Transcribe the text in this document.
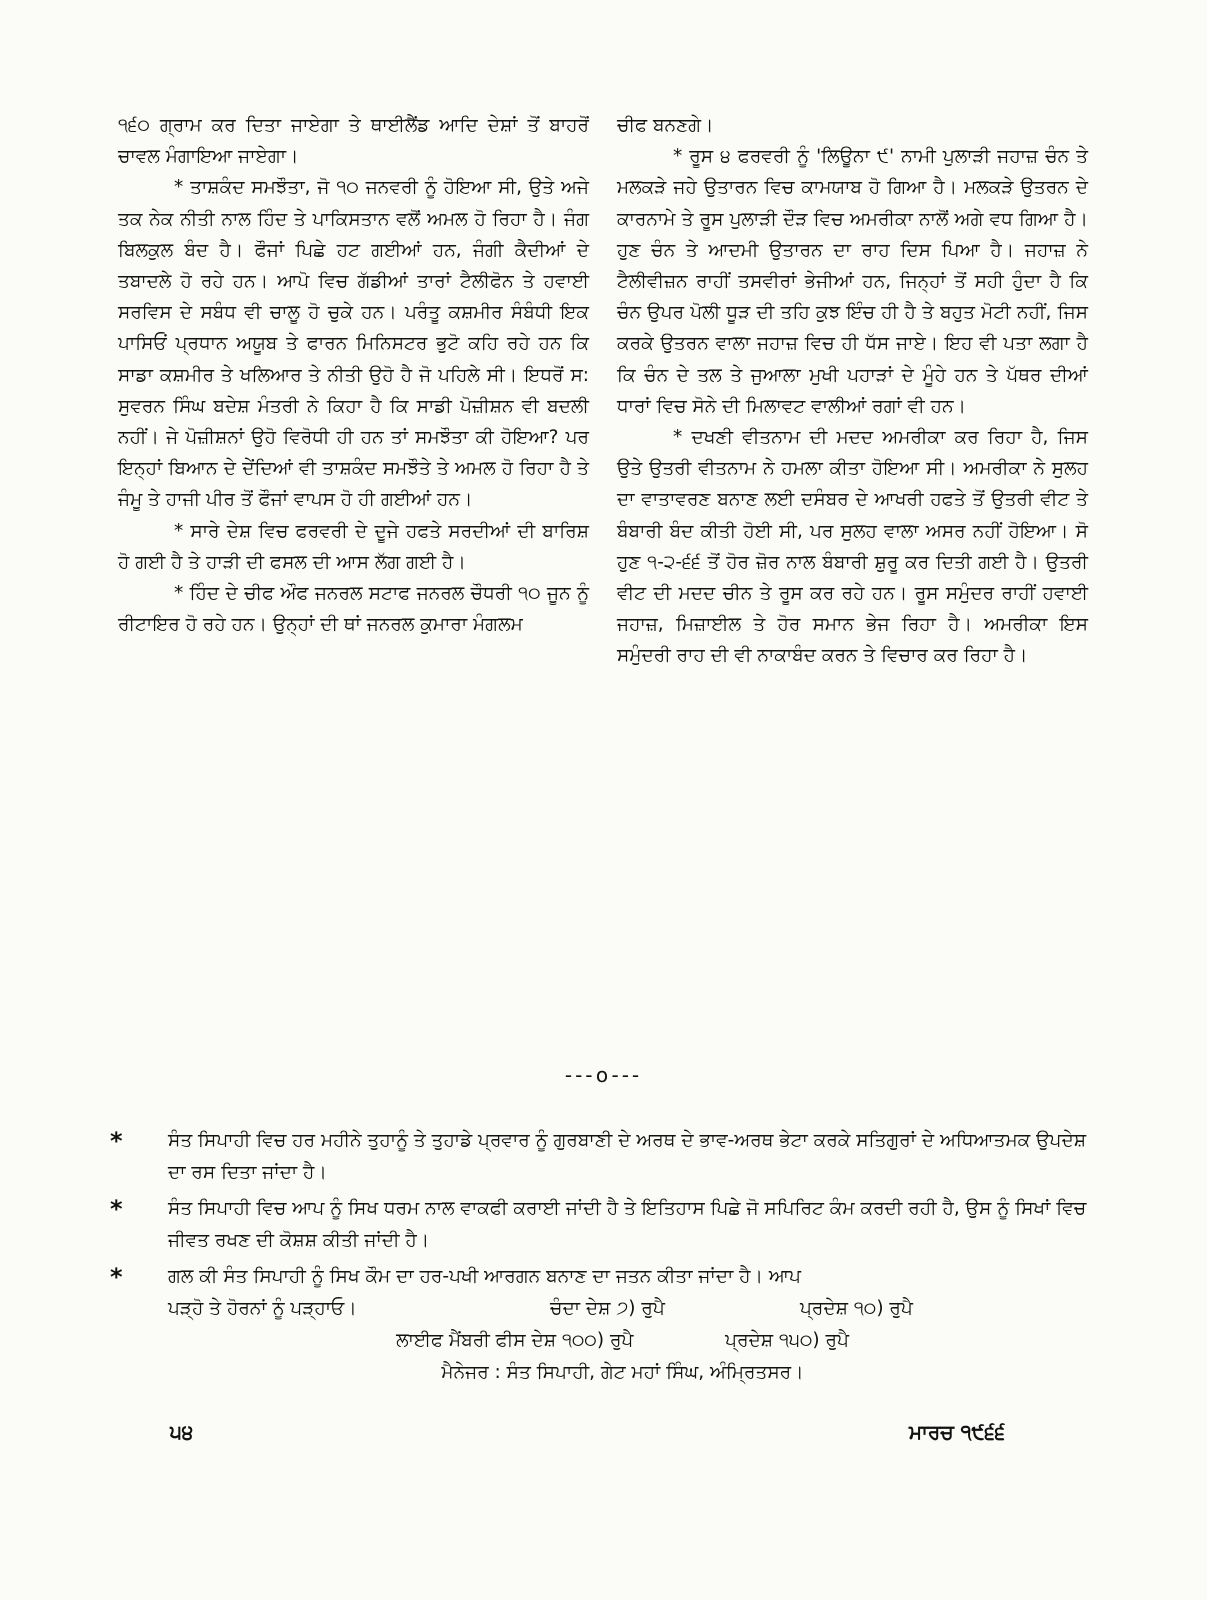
੧੬੦ ਗ੍ਰਾਮ ਕਰ ਦਿਤਾ ਜਾਏਗਾ ਤੇ ਥਾਈਲੈਂਡ ਆਦਿ ਦੇਸ਼ਾਂ ਤੋਂ ਬਾਹਰੋਂ ਚਾਵਲ ਮੰਗਾਇਆ ਜਾਏਗਾ।

* ਤਾਸ਼ਕੰਦ ਸਮਝੌਤਾ, ਜੋ ੧੦ ਜਨਵਰੀ ਨੂੰ ਹੋਇਆ ਸੀ, ਉਤੇ ਅਜੇ ਤਕ ਨੇਕ ਨੀਤੀ ਨਾਲ ਹਿੰਦ ਤੇ ਪਾਕਿਸਤਾਨ ਵਲੋਂ ਅਮਲ ਹੋ ਰਿਹਾ ਹੈ। ਜੰਗ ਬਿਲਕੁਲ ਬੰਦ ਹੈ। ਫੌਜਾਂ ਪਿਛੇ ਹਟ ਗਈਆਂ ਹਨ, ਜੰਗੀ ਕੈਦੀਆਂ ਦੇ ਤਬਾਦਲੇ ਹੋ ਰਹੇ ਹਨ। ਆਪੋ ਵਿਚ ਗੱਡੀਆਂ ਤਾਰਾਂ ਟੈਲੀਫੋਨ ਤੇ ਹਵਾਈ ਸਰਵਿਸ ਦੇ ਸਬੰਧ ਵੀ ਚਾਲੂ ਹੋ ਚੁਕੇ ਹਨ। ਪਰੰਤੂ ਕਸ਼ਮੀਰ ਸੰਬੰਧੀ ਇਕ ਪਾਸਿਓਂ ਪ੍ਰਧਾਨ ਅਯੂਬ ਤੇ ਫਾਰਨ ਮਿਨਿਸਟਰ ਭੁਟੋ ਕਹਿ ਰਹੇ ਹਨ ਕਿ ਸਾਡਾ ਕਸ਼ਮੀਰ ਤੇ ਖਲਿਆਰ ਤੇ ਨੀਤੀ ਉਹੋ ਹੈ ਜੋ ਪਹਿਲੇ ਸੀ। ਇਧਰੋਂ ਸ: ਸੁਵਰਨ ਸਿੰਘ ਬਦੇਸ਼ ਮੰਤਰੀ ਨੇ ਕਿਹਾ ਹੈ ਕਿ ਸਾਡੀ ਪੋਜ਼ੀਸ਼ਨ ਵੀ ਬਦਲੀ ਨਹੀਂ। ਜੇ ਪੋਜ਼ੀਸ਼ਨਾਂ ਉਹੋ ਵਿਰੋਧੀ ਹੀ ਹਨ ਤਾਂ ਸਮਝੌਤਾ ਕੀ ਹੋਇਆ? ਪਰ ਇਨ੍ਹਾਂ ਬਿਆਨ ਦੇ ਦੇਂਦਿਆਂ ਵੀ ਤਾਸ਼ਕੰਦ ਸਮਝੌਤੇ ਤੇ ਅਮਲ ਹੋ ਰਿਹਾ ਹੈ ਤੇ ਜੰਮੂ ਤੇ ਹਾਜੀ ਪੀਰ ਤੋਂ ਫੌਜਾਂ ਵਾਪਸ ਹੋ ਹੀ ਗਈਆਂ ਹਨ।

* ਸਾਰੇ ਦੇਸ਼ ਵਿਚ ਫਰਵਰੀ ਦੇ ਦੂਜੇ ਹਫਤੇ ਸਰਦੀਆਂ ਦੀ ਬਾਰਿਸ਼ ਹੋ ਗਈ ਹੈ ਤੇ ਹਾੜੀ ਦੀ ਫਸਲ ਦੀ ਆਸ ਲੱਗ ਗਈ ਹੈ।

* ਹਿੰਦ ਦੇ ਚੀਫ ਔਫ ਜਨਰਲ ਸਟਾਫ ਜਨਰਲ ਚੌਧਰੀ ੧੦ ਜੂਨ ਨੂੰ ਰੀਟਾਇਰ ਹੋ ਰਹੇ ਹਨ। ਉਨ੍ਹਾਂ ਦੀ ਥਾਂ ਜਨਰਲ ਕੁਮਾਰਾ ਮੰਗਲਮ

ਚੀਫ ਬਨਣਗੇ।

* ਰੂਸ ੪ ਫਰਵਰੀ ਨੂੰ 'ਲਿਊਨਾ ੯' ਨਾਮੀ ਪੁਲਾੜੀ ਜਹਾਜ਼ ਚੰਨ ਤੇ ਮਲਕੜੇ ਜਹੇ ਉਤਾਰਨ ਵਿਚ ਕਾਮਯਾਬ ਹੋ ਗਿਆ ਹੈ। ਮਲਕੜੇ ਉਤਰਨ ਦੇ ਕਾਰਨਾਮੇ ਤੇ ਰੂਸ ਪੁਲਾੜੀ ਦੌੜ ਵਿਚ ਅਮਰੀਕਾ ਨਾਲੋਂ ਅਗੇ ਵਧ ਗਿਆ ਹੈ। ਹੁਣ ਚੰਨ ਤੇ ਆਦਮੀ ਉਤਾਰਨ ਦਾ ਰਾਹ ਦਿਸ ਪਿਆ ਹੈ। ਜਹਾਜ਼ ਨੇ ਟੈਲੀਵੀਜ਼ਨ ਰਾਹੀਂ ਤਸਵੀਰਾਂ ਭੇਜੀਆਂ ਹਨ, ਜਿਨ੍ਹਾਂ ਤੋਂ ਸਹੀ ਹੁੰਦਾ ਹੈ ਕਿ ਚੰਨ ਉਪਰ ਪੋਲੀ ਧੂੜ ਦੀ ਤਹਿ ਕੁਝ ਇੰਚ ਹੀ ਹੈ ਤੇ ਬਹੁਤ ਮੋਟੀ ਨਹੀਂ, ਜਿਸ ਕਰਕੇ ਉਤਰਨ ਵਾਲਾ ਜਹਾਜ਼ ਵਿਚ ਹੀ ਧੱਸ ਜਾਏ। ਇਹ ਵੀ ਪਤਾ ਲਗਾ ਹੈ ਕਿ ਚੰਨ ਦੇ ਤਲ ਤੇ ਜੁਆਲਾ ਮੁਖੀ ਪਹਾੜਾਂ ਦੇ ਮੂੰਹੇ ਹਨ ਤੇ ਪੱਥਰ ਦੀਆਂ ਧਾਰਾਂ ਵਿਚ ਸੋਨੇ ਦੀ ਮਿਲਾਵਟ ਵਾਲੀਆਂ ਰਗਾਂ ਵੀ ਹਨ।

* ਦਖਣੀ ਵੀਤਨਾਮ ਦੀ ਮਦਦ ਅਮਰੀਕਾ ਕਰ ਰਿਹਾ ਹੈ, ਜਿਸ ਉਤੇ ਉਤਰੀ ਵੀਤਨਾਮ ਨੇ ਹਮਲਾ ਕੀਤਾ ਹੋਇਆ ਸੀ। ਅਮਰੀਕਾ ਨੇ ਸੁਲਹ ਦਾ ਵਾਤਾਵਰਣ ਬਨਾਣ ਲਈ ਦਸੰਬਰ ਦੇ ਆਖਰੀ ਹਫਤੇ ਤੋਂ ਉਤਰੀ ਵੀਟ ਤੇ ਬੰਬਾਰੀ ਬੰਦ ਕੀਤੀ ਹੋਈ ਸੀ, ਪਰ ਸੁਲਹ ਵਾਲਾ ਅਸਰ ਨਹੀਂ ਹੋਇਆ। ਸੋ ਹੁਣ ੧-੨-੬੬ ਤੋਂ ਹੋਰ ਜ਼ੋਰ ਨਾਲ ਬੰਬਾਰੀ ਸ਼ੁਰੂ ਕਰ ਦਿਤੀ ਗਈ ਹੈ। ਉਤਰੀ ਵੀਟ ਦੀ ਮਦਦ ਚੀਨ ਤੇ ਰੂਸ ਕਰ ਰਹੇ ਹਨ। ਰੂਸ ਸਮੁੰਦਰ ਰਾਹੀਂ ਹਵਾਈ ਜਹਾਜ਼, ਮਿਜ਼ਾਈਲ ਤੇ ਹੋਰ ਸਮਾਨ ਭੇਜ ਰਿਹਾ ਹੈ। ਅਮਰੀਕਾ ਇਸ ਸਮੁੰਦਰੀ ਰਾਹ ਦੀ ਵੀ ਨਾਕਾਬੰਦ ਕਰਨ ਤੇ ਵਿਚਾਰ ਕਰ ਰਿਹਾ ਹੈ।

---o---
*	ਸੰਤ ਸਿਪਾਹੀ ਵਿਚ ਹਰ ਮਹੀਨੇ ਤੁਹਾਨੂੰ ਤੇ ਤੁਹਾਡੇ ਪ੍ਰਵਾਰ ਨੂੰ ਗੁਰਬਾਣੀ ਦੇ ਅਰਥ ਦੇ ਭਾਵ-ਅਰਥ ਭੇਟਾ ਕਰਕੇ ਸਤਿਗੁਰਾਂ ਦੇ ਅਧਿਆਤਮਕ ਉਪਦੇਸ਼ ਦਾ ਰਸ ਦਿਤਾ ਜਾਂਦਾ ਹੈ।
*	ਸੰਤ ਸਿਪਾਹੀ ਵਿਚ ਆਪ ਨੂੰ ਸਿਖ ਧਰਮ ਨਾਲ ਵਾਕਫੀ ਕਰਾਈ ਜਾਂਦੀ ਹੈ ਤੇ ਇਤਿਹਾਸ ਪਿਛੇ ਜੋ ਸਪਿਰਿਟ ਕੰਮ ਕਰਦੀ ਰਹੀ ਹੈ, ਉਸ ਨੂੰ ਸਿਖਾਂ ਵਿਚ ਜੀਵਤ ਰਖਣ ਦੀ ਕੋਸ਼ਸ਼ ਕੀਤੀ ਜਾਂਦੀ ਹੈ।
*	ਗਲ ਕੀ ਸੰਤ ਸਿਪਾਹੀ ਨੂੰ ਸਿਖ ਕੌਮ ਦਾ ਹਰ-ਪਖੀ ਆਰਗਨ ਬਨਾਣ ਦਾ ਜਤਨ ਕੀਤਾ ਜਾਂਦਾ ਹੈ। ਆਪ
ਪੜ੍ਹੋ ਤੇ ਹੋਰਨਾਂ ਨੂੰ ਪੜ੍ਹਾਓ।	ਚੰਦਾ ਦੇਸ਼ ੭) ਰੁਪੈ	ਪ੍ਰਦੇਸ਼ ੧੦) ਰੁਪੈ
ਲਾਈਫ ਮੈਂਬਰੀ ਫੀਸ ਦੇਸ਼ ੧੦੦) ਰੁਪੈ	ਪ੍ਰਦੇਸ਼ ੧੫੦) ਰੁਪੈ
ਮੈਨੇਜਰ : ਸੰਤ ਸਿਪਾਹੀ, ਗੇਟ ਮਹਾਂ ਸਿੰਘ, ਅੰਮ੍ਰਿਤਸਰ।
੫੪	ਮਾਰਚ ੧੯੬੬
